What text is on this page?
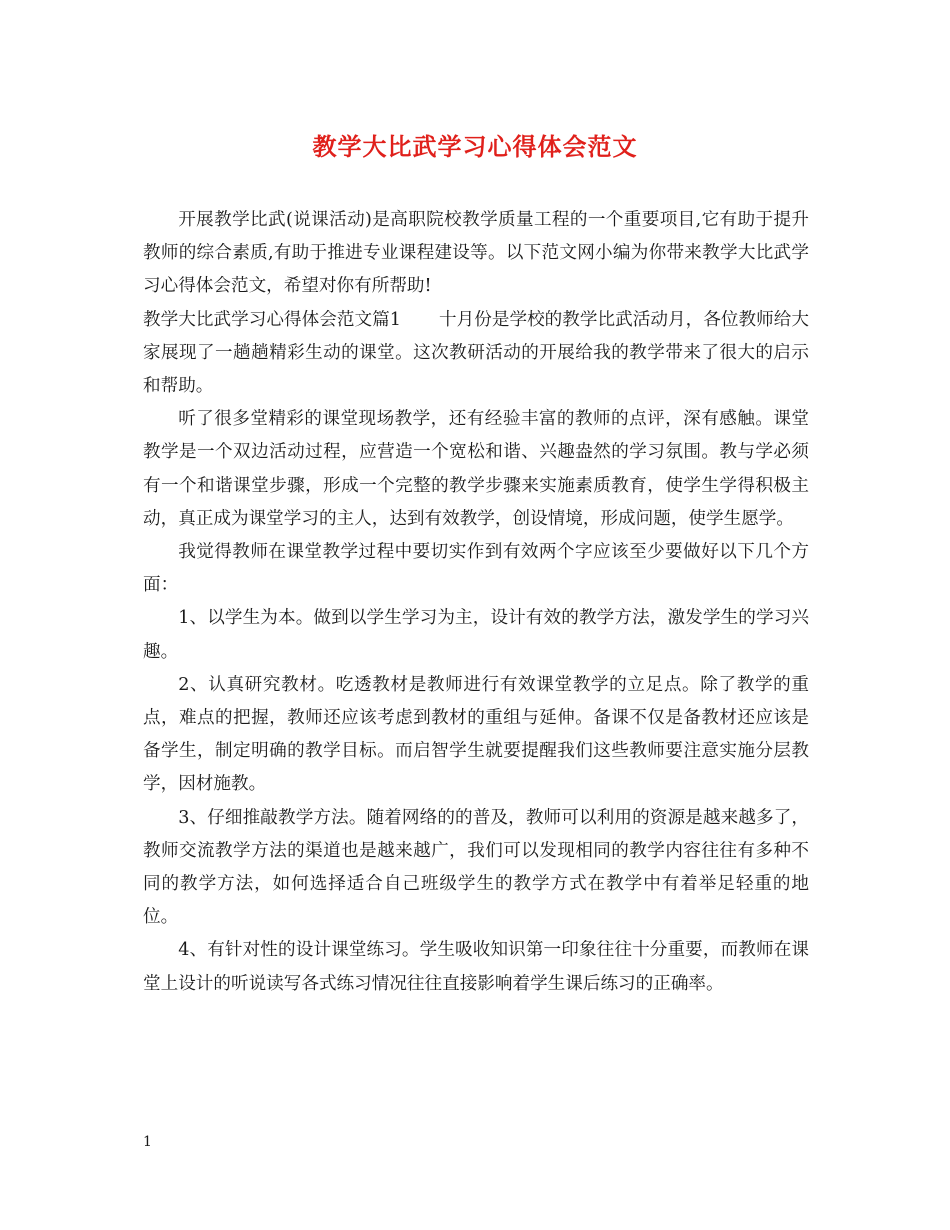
教学大比武学习心得体会范文

开展教学比武(说课活动)是高职院校教学质量工程的一个重要项目,它有助于提升教师的综合素质,有助于推进专业课程建设等。以下范文网小编为你带来教学大比武学习心得体会范文，希望对你有所帮助!

教学大比武学习心得体会范文篇1 十月份是学校的教学比武活动月，各位教师给大家展现了一趟趟精彩生动的课堂。这次教研活动的开展给我的教学带来了很大的启示和帮助。

听了很多堂精彩的课堂现场教学，还有经验丰富的教师的点评，深有感触。课堂教学是一个双边活动过程，应营造一个宽松和谐、兴趣盎然的学习氛围。教与学必须有一个和谐课堂步骤，形成一个完整的教学步骤来实施素质教育，使学生学得积极主动，真正成为课堂学习的主人，达到有效教学，创设情境，形成问题，使学生愿学。

我觉得教师在课堂教学过程中要切实作到有效两个字应该至少要做好以下几个方面：

1、以学生为本。做到以学生学习为主，设计有效的教学方法，激发学生的学习兴趣。

2、认真研究教材。吃透教材是教师进行有效课堂教学的立足点。除了教学的重点，难点的把握，教师还应该考虑到教材的重组与延伸。备课不仅是备教材还应该是备学生，制定明确的教学目标。而启智学生就要提醒我们这些教师要注意实施分层教学，因材施教。

3、仔细推敲教学方法。随着网络的的普及，教师可以利用的资源是越来越多了，教师交流教学方法的渠道也是越来越广，我们可以发现相同的教学内容往往有多种不同的教学方法，如何选择适合自己班级学生的教学方式在教学中有着举足轻重的地位。

4、有针对性的设计课堂练习。学生吸收知识第一印象往往十分重要，而教师在课堂上设计的听说读写各式练习情况往往直接影响着学生课后练习的正确率。

1
